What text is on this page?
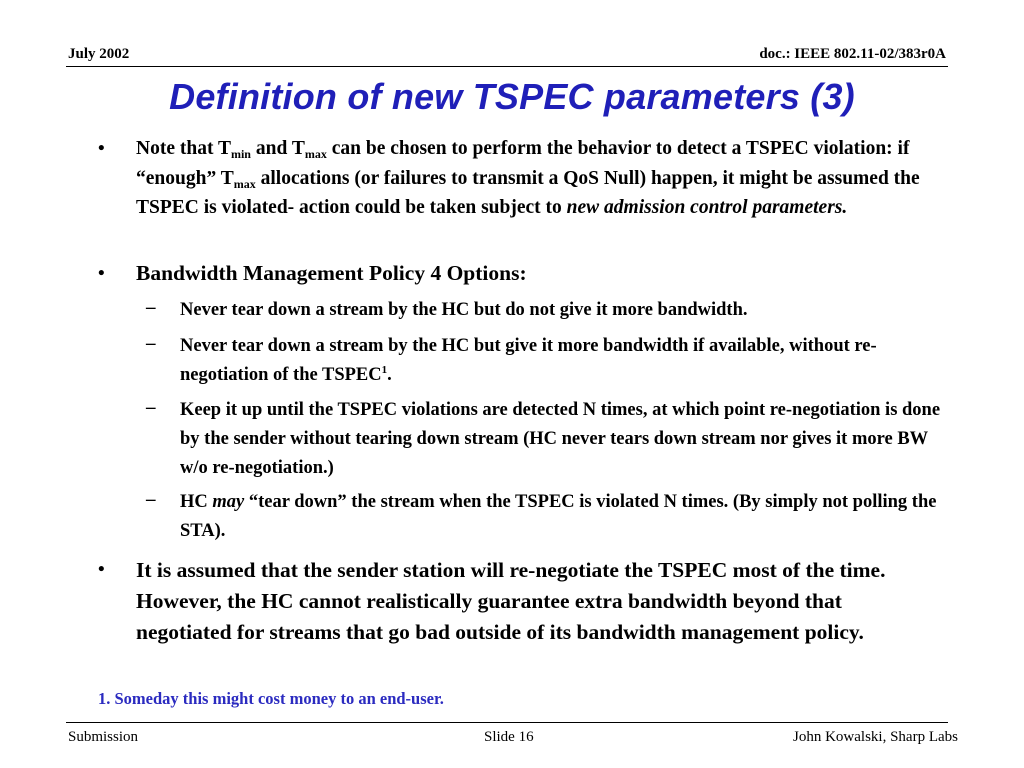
July 2002	doc.: IEEE 802.11-02/383r0A
Definition of new TSPEC parameters (3)
• Note that $T_{min}$ and $T_{max}$ can be chosen to perform the behavior to detect a TSPEC violation: if “enough” $T_{max}$ allocations (or failures to transmit a QoS Null) happen, it might be assumed the TSPEC is violated- action could be taken subject to new admission control parameters.
• Bandwidth Management Policy 4 Options:
– Never tear down a stream by the HC but do not give it more bandwidth.
– Never tear down a stream by the HC but give it more bandwidth if available, without re-negotiation of the TSPEC$^1$.
– Keep it up until the TSPEC violations are detected N times, at which point re-negotiation is done by the sender without tearing down stream (HC never tears down stream nor gives it more BW w/o re-negotiation.)
– HC may “tear down” the stream when the TSPEC is violated N times. (By simply not polling the STA).
• It is assumed that the sender station will re-negotiate the TSPEC most of the time. However, the HC cannot realistically guarantee extra bandwidth beyond that negotiated for streams that go bad outside of its bandwidth management policy.
1. Someday this might cost money to an end-user.
Submission	Slide 16	John Kowalski, Sharp Labs
